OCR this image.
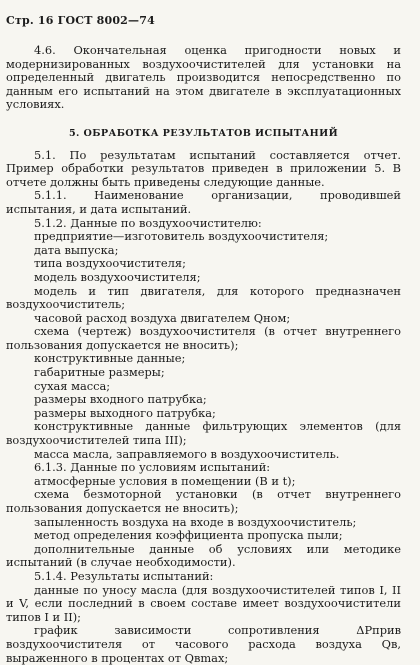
Стр. 16 ГОСТ 8002—74

4.6. Окончательная оценка пригодности новых и модернизированных воздухоочистителей для установки на определенный двигатель производится непосредственно по данным его испытаний на этом двигателе в эксплуатационных условиях.

5. ОБРАБОТКА РЕЗУЛЬТАТОВ ИСПЫТАНИЙ

5.1. По результатам испытаний составляется отчет. Пример обработки результатов приведен в приложении 5. В отчете должны быть приведены следующие данные.

5.1.1. Наименование организации, проводившей испытания, и дата испытаний.

5.1.2. Данные по воздухоочистителю:

предприятие—изготовитель воздухоочистителя;

дата выпуска;

типа воздухоочистителя;

модель воздухоочистителя;

модель и тип двигателя, для которого предназначен воздухоочиститель;

часовой расход воздуха двигателем Qном;

схема (чертеж) воздухоочистителя (в отчет внутреннего пользования допускается не вносить);

конструктивные данные;

габаритные размеры;

сухая масса;

размеры входного патрубка;

размеры выходного патрубка;

конструктивные данные фильтрующих элементов (для воздухоочистителей типа III);

масса масла, заправляемого в воздухоочиститель.

6.1.3. Данные по условиям испытаний:

атмосферные условия в помещении (B и t);

схема безмоторной установки (в отчет внутреннего пользования допускается не вносить);

запыленность воздуха на входе в воздухоочиститель;

метод определения коэффициента пропуска пыли;

дополнительные данные об условиях или методике испытаний (в случае необходимости).

5.1.4. Результаты испытаний:

данные по уносу масла (для воздухоочистителей типов I, II и V, если последний в своем составе имеет воздухоочистители типов I и II);

график зависимости сопротивления ΔPприв воздухоочистителя от часового расхода воздуха Qв, выраженного в процентах от Qвmax;
